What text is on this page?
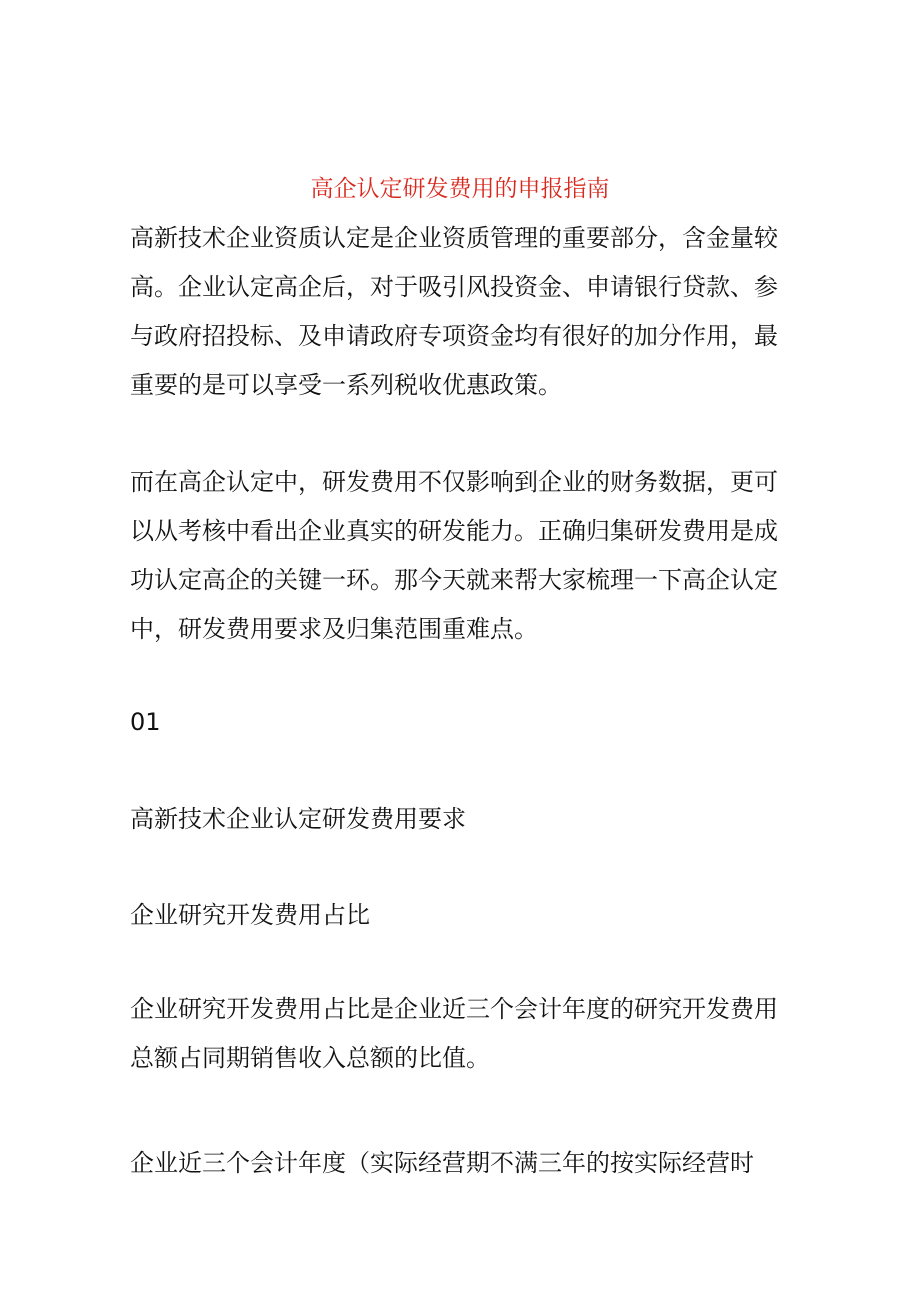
高企认定研发费用的申报指南

高新技术企业资质认定是企业资质管理的重要部分，含金量较高。企业认定高企后，对于吸引风投资金、申请银行贷款、参与政府招投标、及申请政府专项资金均有很好的加分作用，最重要的是可以享受一系列税收优惠政策。

而在高企认定中，研发费用不仅影响到企业的财务数据，更可以从考核中看出企业真实的研发能力。正确归集研发费用是成功认定高企的关键一环。那今天就来帮大家梳理一下高企认定中，研发费用要求及归集范围重难点。

01

高新技术企业认定研发费用要求

企业研究开发费用占比

企业研究开发费用占比是企业近三个会计年度的研究开发费用总额占同期销售收入总额的比值。

企业近三个会计年度（实际经营期不满三年的按实际经营时
